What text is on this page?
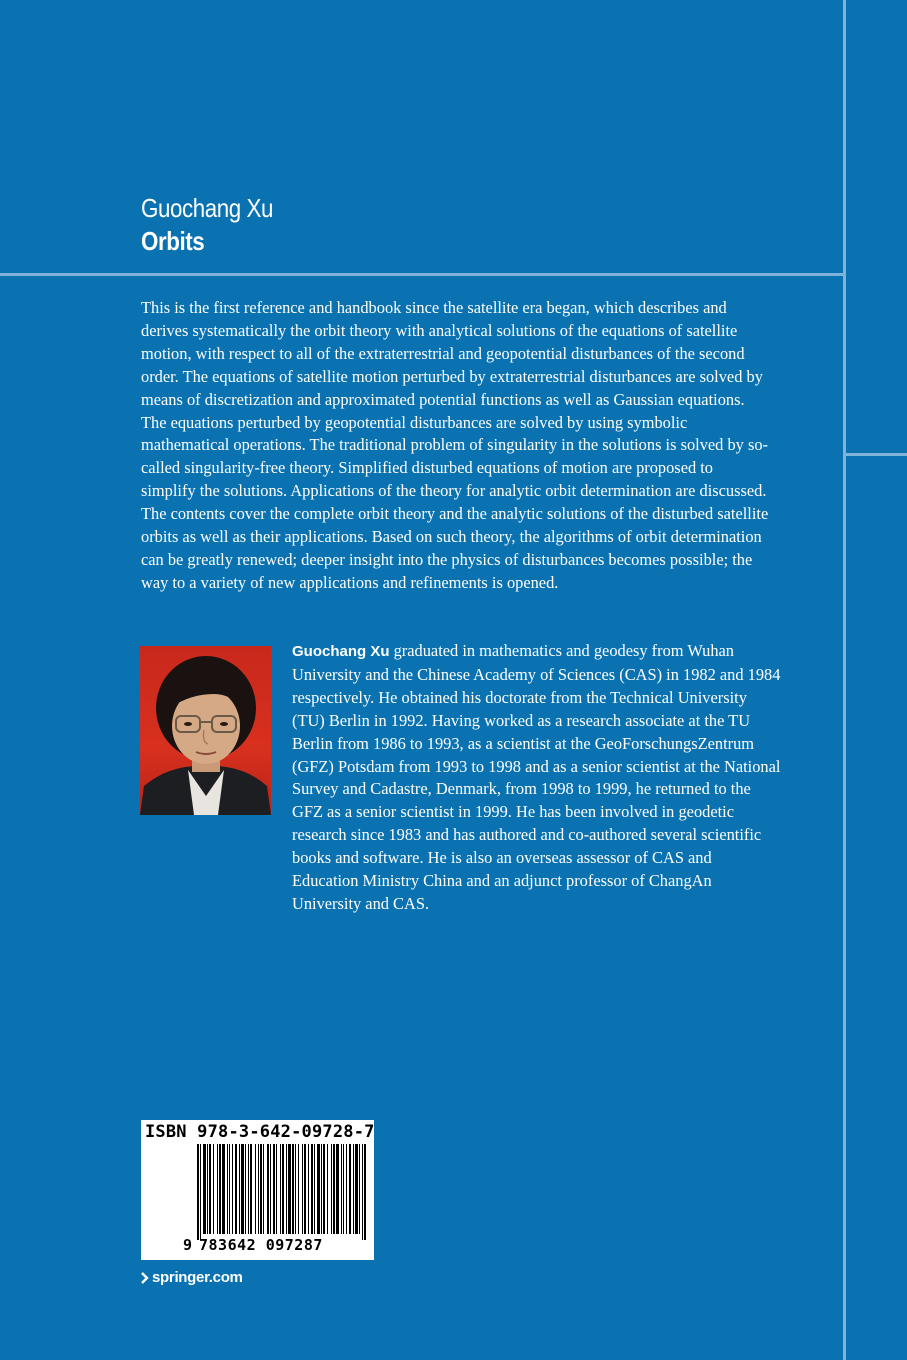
Guochang Xu
Orbits

This is the first reference and handbook since the satellite era began, which describes and derives systematically the orbit theory with analytical solutions of the equations of satellite motion, with respect to all of the extraterrestrial and geopotential disturbances of the second order. The equations of satellite motion perturbed by extraterrestrial disturbances are solved by means of discretization and approximated potential functions as well as Gaussian equations. The equations perturbed by geopotential disturbances are solved by using symbolic mathematical operations. The traditional problem of singularity in the solutions is solved by so-called singularity-free theory. Simplified disturbed equations of motion are proposed to simplify the solutions. Applications of the theory for analytic orbit determination are discussed. The contents cover the complete orbit theory and the analytic solutions of the disturbed satellite orbits as well as their applications. Based on such theory, the algorithms of orbit determination can be greatly renewed; deeper insight into the physics of disturbances becomes possible; the way to a variety of new applications and refinements is opened.

Guochang Xu graduated in mathematics and geodesy from Wuhan University and the Chinese Academy of Sciences (CAS) in 1982 and 1984 respectively. He obtained his doctorate from the Technical University (TU) Berlin in 1992. Having worked as a research associate at the TU Berlin from 1986 to 1993, as a scientist at the GeoForschungsZentrum (GFZ) Potsdam from 1993 to 1998 and as a senior scientist at the National Survey and Cadastre, Denmark, from 1998 to 1999, he returned to the GFZ as a senior scientist in 1999. He has been involved in geodetic research since 1983 and has authored and co-authored several scientific books and software. He is also an overseas assessor of CAS and Education Ministry China and an adjunct professor of ChangAn University and CAS.

ISBN 978-3-642-09728-7
9 783642 097287
springer.com
